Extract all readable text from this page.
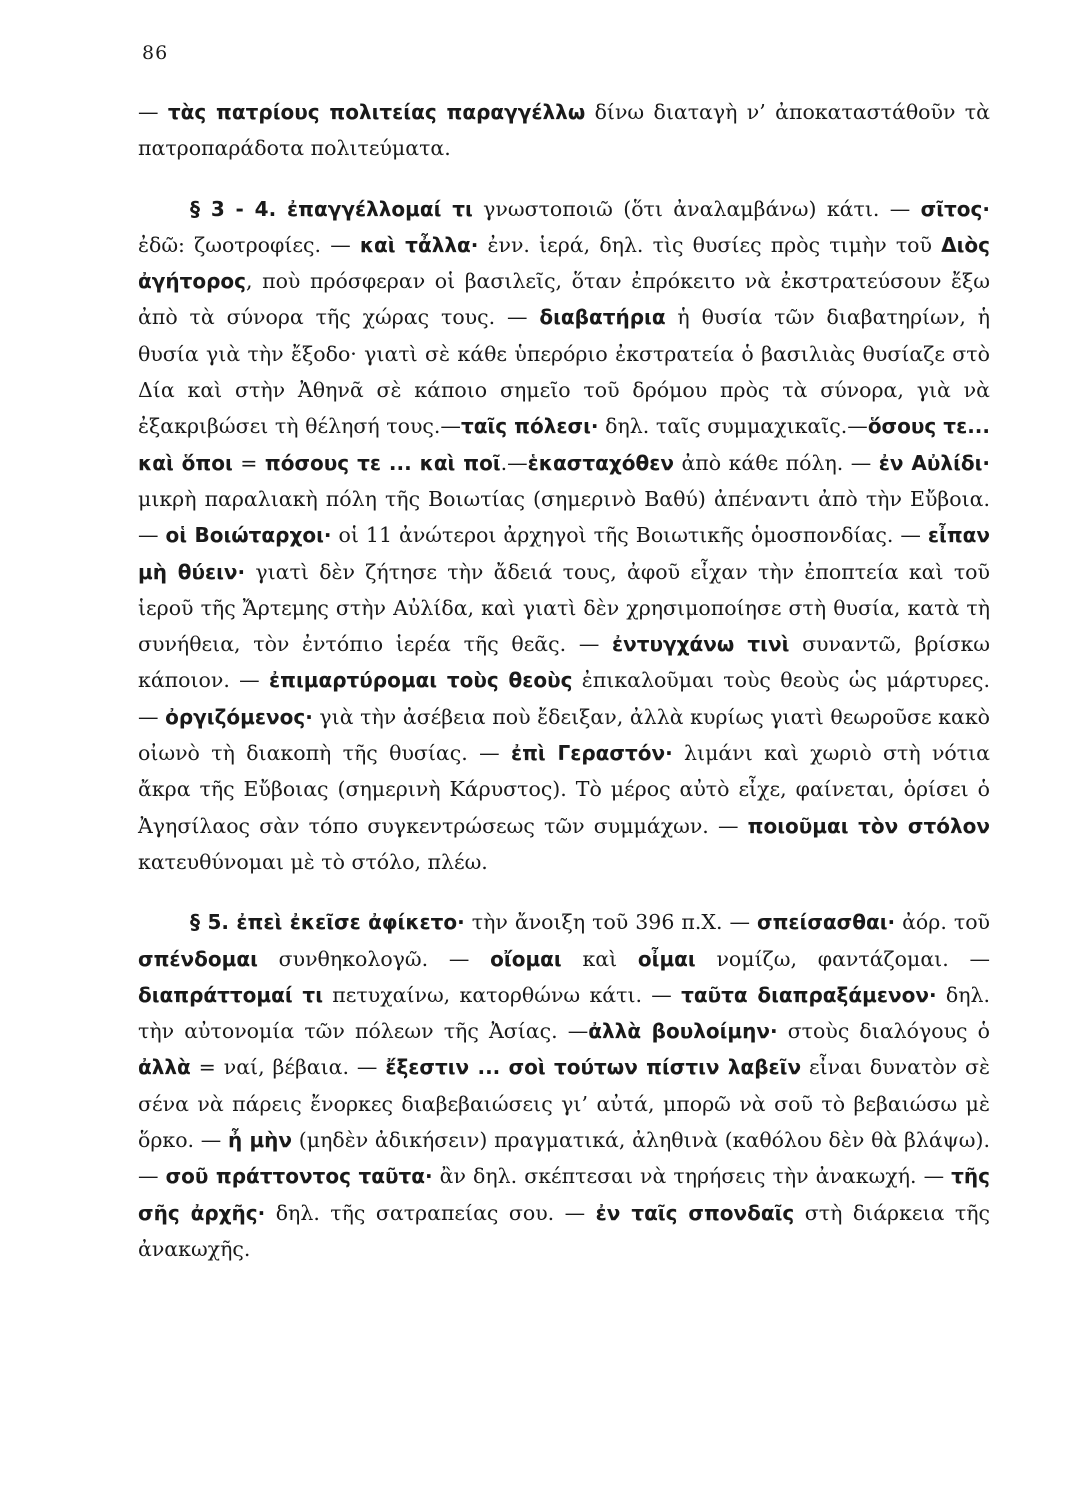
86

— τὰς πατρίους πολιτείας παραγγέλλω δίνω διαταγὴ ν’ ἀποκαταστάθοῦν τὰ πατροπαράδοτα πολιτεύματα.

§ 3 - 4. ἐπαγγέλλομαί τι γνωστοποιῶ (ὅτι ἀναλαμβάνω) κάτι. — σῖτος· ἐδῶ: ζωοτροφίες. — καὶ τἆλλα· ἐνν. ἱερά, δηλ. τὶς θυσίες πρὸς τιμὴν τοῦ Διὸς ἀγήτορος, ποὺ πρόσφεραν οἱ βασιλεῖς, ὅταν ἐπρόκειτο νὰ ἐκστρατεύσουν ἔξω ἀπὸ τὰ σύνορα τῆς χώρας τους. — διαβατήρια ἡ θυσία τῶν διαβατηρίων, ἡ θυσία γιὰ τὴν ἔξοδο· γιατὶ σὲ κάθε ὑπερόριο ἐκστρατεία ὁ βασιλιὰς θυσίαζε στὸ Δία καὶ στὴν Ἀθηνᾶ σὲ κάποιο σημεῖο τοῦ δρόμου πρὸς τὰ σύνορα, γιὰ νὰ ἐξακριβώσει τὴ θέλησή τους.—ταῖς πόλεσι· δηλ. ταῖς συμμαχικαῖς.—ὅσους τε... καὶ ὅποι = πόσους τε ... καὶ ποῖ.—ἑκασταχόθεν ἀπὸ κάθε πόλη. — ἐν Αὐλίδι· μικρὴ παραλιακὴ πόλη τῆς Βοιωτίας (σημερινὸ Βαθύ) ἀπέναντι ἀπὸ τὴν Εὔβοια. — οἱ Βοιώταρχοι· οἱ 11 ἀνώτεροι ἀρχηγοὶ τῆς Βοιωτικῆς ὁμοσπονδίας. — εἶπαν μὴ θύειν· γιατὶ δὲν ζήτησε τὴν ἄδειά τους, ἀφοῦ εἶχαν τὴν ἐποπτεία καὶ τοῦ ἱεροῦ τῆς Ἄρτεμης στὴν Αὐλίδα, καὶ γιατὶ δὲν χρησιμοποίησε στὴ θυσία, κατὰ τὴ συνήθεια, τὸν ἐντόπιο ἱερέα τῆς θεᾶς. — ἐντυγχάνω τινὶ συναντῶ, βρίσκω κάποιον. — ἐπιμαρτύρομαι τοὺς θεοὺς ἐπικαλοῦμαι τοὺς θεοὺς ὡς μάρτυρες. — ὀργιζόμενος· γιὰ τὴν ἀσέβεια ποὺ ἔδειξαν, ἀλλὰ κυρίως γιατὶ θεωροῦσε κακὸ οἰωνὸ τὴ διακοπὴ τῆς θυσίας. — ἐπὶ Γεραστόν· λιμάνι καὶ χωριὸ στὴ νότια ἄκρα τῆς Εὔβοιας (σημερινὴ Κάρυστος). Τὸ μέρος αὐτὸ εἶχε, φαίνεται, ὁρίσει ὁ Ἀγησίλαος σὰν τόπο συγκεντρώσεως τῶν συμμάχων. — ποιοῦμαι τὸν στόλον κατευθύνομαι μὲ τὸ στόλο, πλέω.

§ 5. ἐπεὶ ἐκεῖσε ἀφίκετο· τὴν ἄνοιξη τοῦ 396 π.Χ. — σπείσασθαι· ἀόρ. τοῦ σπένδομαι συνθηκολογῶ. — οἴομαι καὶ οἶμαι νομίζω, φαντάζομαι. — διαπράττομαί τι πετυχαίνω, κατορθώνω κάτι. — ταῦτα διαπραξάμενον· δηλ. τὴν αὐτονομία τῶν πόλεων τῆς Ἀσίας. —ἀλλὰ βουλοίμην· στοὺς διαλόγους ὁ ἀλλὰ = ναί, βέβαια. — ἔξεστιν ... σοὶ τούτων πίστιν λαβεῖν εἶναι δυνατὸν σὲ σένα νὰ πάρεις ἔνορκες διαβεβαιώσεις γι’ αὐτά, μπορῶ νὰ σοῦ τὸ βεβαιώσω μὲ ὅρκο. — ἦ μὴν (μηδὲν ἀδικήσειν) πραγματικά, ἀληθινὰ (καθόλου δὲν θὰ βλάψω). — σοῦ πράττοντος ταῦτα· ἂν δηλ. σκέπτεσαι νὰ τηρήσεις τὴν ἀνακωχή. — τῆς σῆς ἀρχῆς· δηλ. τῆς σατραπείας σου. — ἐν ταῖς σπονδαῖς στὴ διάρκεια τῆς ἀνακωχῆς.
